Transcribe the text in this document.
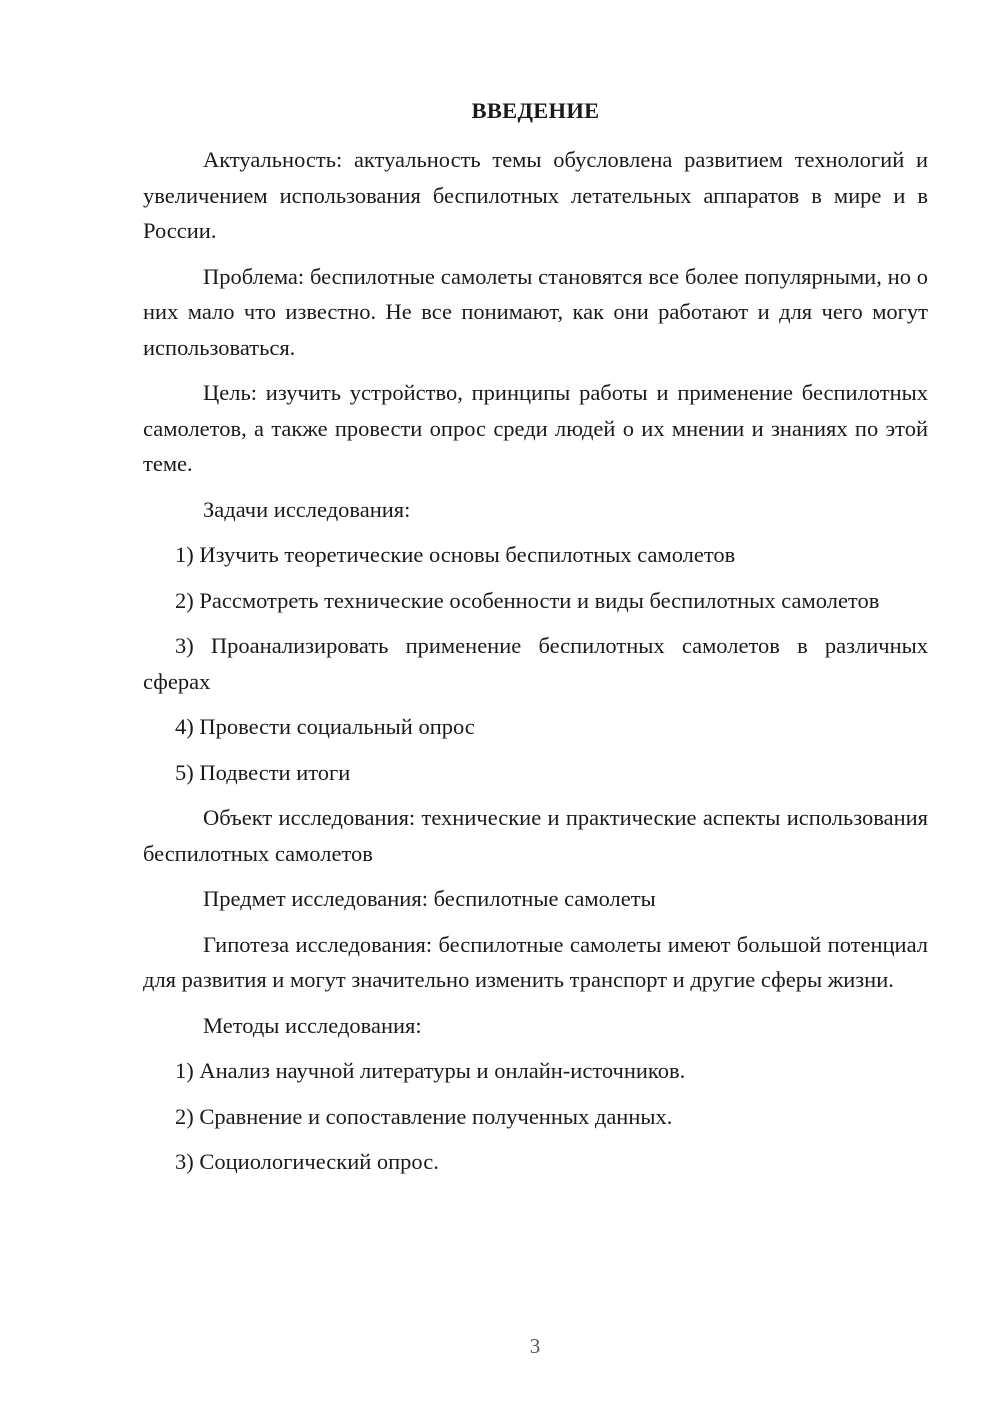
ВВЕДЕНИЕ

Актуальность: актуальность темы обусловлена развитием технологий и увеличением использования беспилотных летательных аппаратов в мире и в России.

Проблема: беспилотные самолеты становятся все более популярными, но о них мало что известно. Не все понимают, как они работают и для чего могут использоваться.

Цель: изучить устройство, принципы работы и применение беспилотных самолетов, а также провести опрос среди людей о их мнении и знаниях по этой теме.

Задачи исследования:

1) Изучить теоретические основы беспилотных самолетов

2) Рассмотреть технические особенности и виды беспилотных самолетов

3) Проанализировать применение беспилотных самолетов в различных сферах

4) Провести социальный опрос

5) Подвести итоги

Объект исследования: технические и практические аспекты использования беспилотных самолетов

Предмет исследования: беспилотные самолеты

Гипотеза исследования: беспилотные самолеты имеют большой потенциал для развития и могут значительно изменить транспорт и другие сферы жизни.

Методы исследования:

1) Анализ научной литературы и онлайн-источников.

2) Сравнение и сопоставление полученных данных.

3) Социологический опрос.

3
